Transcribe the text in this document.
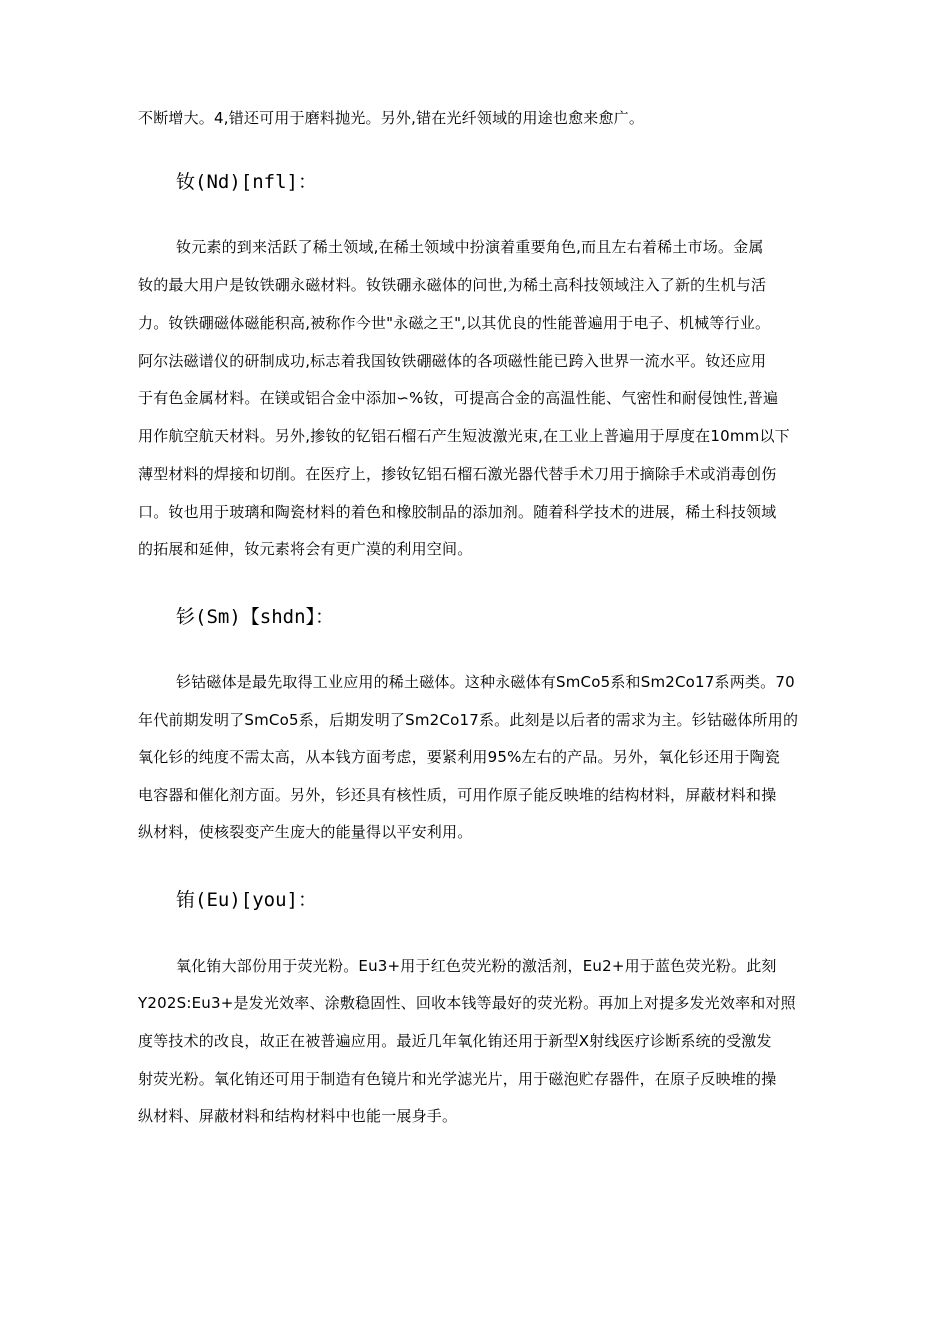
不断增大。4,错还可用于磨料抛光。另外,错在光纤领域的用途也愈来愈广。
钕(Nd)[nfl]：
钕元素的到来活跃了稀土领域,在稀土领域中扮演着重要角色,而且左右着稀土市场。金属
钕的最大用户是钕铁硼永磁材料。钕铁硼永磁体的问世,为稀土高科技领域注入了新的生机与活
力。钕铁硼磁体磁能积高,被称作今世"永磁之王",以其优良的性能普遍用于电子、机械等行业。
阿尔法磁谱仪的研制成功,标志着我国钕铁硼磁体的各项磁性能已跨入世界一流水平。钕还应用
于有色金属材料。在镁或铝合金中添加∽%钕，可提高合金的高温性能、气密性和耐侵蚀性,普遍
用作航空航天材料。另外,掺钕的钇铝石榴石产生短波激光束,在工业上普遍用于厚度在10mm以下
薄型材料的焊接和切削。在医疗上，掺钕钇铝石榴石激光器代替手术刀用于摘除手术或消毒创伤
口。钕也用于玻璃和陶瓷材料的着色和橡胶制品的添加剂。随着科学技术的进展，稀土科技领域
的拓展和延伸，钕元素将会有更广漠的利用空间。
钐(Sm)【shdn】：
钐钴磁体是最先取得工业应用的稀土磁体。这种永磁体有SmCo5系和Sm2Co17系两类。70
年代前期发明了SmCo5系，后期发明了Sm2Co17系。此刻是以后者的需求为主。钐钴磁体所用的
氧化钐的纯度不需太高，从本钱方面考虑，要紧利用95%左右的产品。另外，氧化钐还用于陶瓷
电容器和催化剂方面。另外，钐还具有核性质，可用作原子能反映堆的结构材料，屏蔽材料和操
纵材料，使核裂变产生庞大的能量得以平安利用。
铕(Eu)[you]：
氧化铕大部份用于荧光粉。Eu3+用于红色荧光粉的激活剂，Eu2+用于蓝色荧光粉。此刻
Y202S:Eu3+是发光效率、涂敷稳固性、回收本钱等最好的荧光粉。再加上对提多发光效率和对照
度等技术的改良，故正在被普遍应用。最近几年氧化铕还用于新型X射线医疗诊断系统的受激发
射荧光粉。氧化铕还可用于制造有色镜片和光学滤光片，用于磁泡贮存器件，在原子反映堆的操
纵材料、屏蔽材料和结构材料中也能一展身手。
